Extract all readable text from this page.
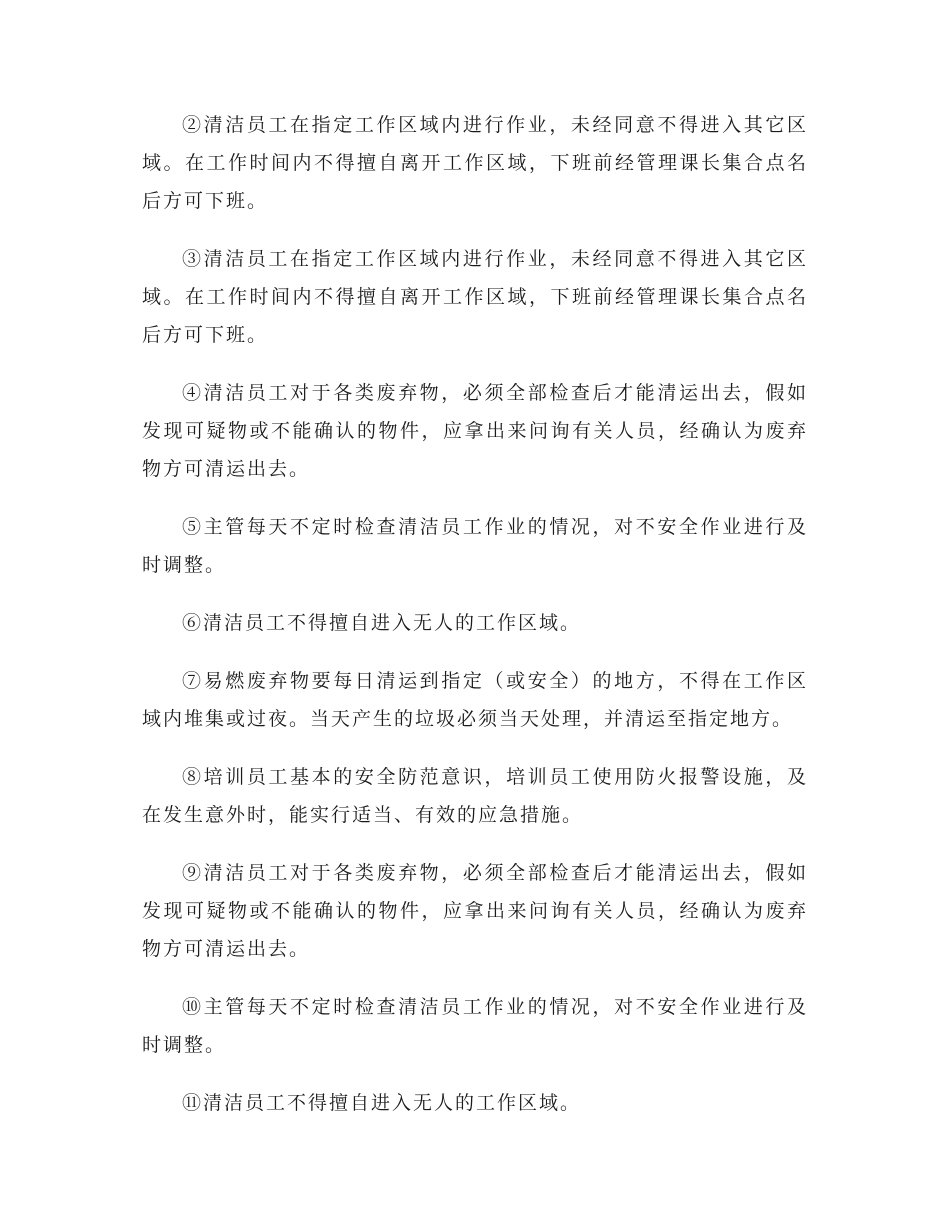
②清洁员工在指定工作区域内进行作业，未经同意不得进入其它区域。在工作时间内不得擅自离开工作区域，下班前经管理课长集合点名后方可下班。

③清洁员工在指定工作区域内进行作业，未经同意不得进入其它区域。在工作时间内不得擅自离开工作区域，下班前经管理课长集合点名后方可下班。

④清洁员工对于各类废弃物，必须全部检查后才能清运出去，假如发现可疑物或不能确认的物件，应拿出来问询有关人员，经确认为废弃物方可清运出去。

⑤主管每天不定时检查清洁员工作业的情况，对不安全作业进行及时调整。

⑥清洁员工不得擅自进入无人的工作区域。

⑦易燃废弃物要每日清运到指定（或安全）的地方，不得在工作区域内堆集或过夜。当天产生的垃圾必须当天处理，并清运至指定地方。

⑧培训员工基本的安全防范意识，培训员工使用防火报警设施，及在发生意外时，能实行适当、有效的应急措施。

⑨清洁员工对于各类废弃物，必须全部检查后才能清运出去，假如发现可疑物或不能确认的物件，应拿出来问询有关人员，经确认为废弃物方可清运出去。

⑩主管每天不定时检查清洁员工作业的情况，对不安全作业进行及时调整。

⑪清洁员工不得擅自进入无人的工作区域。
